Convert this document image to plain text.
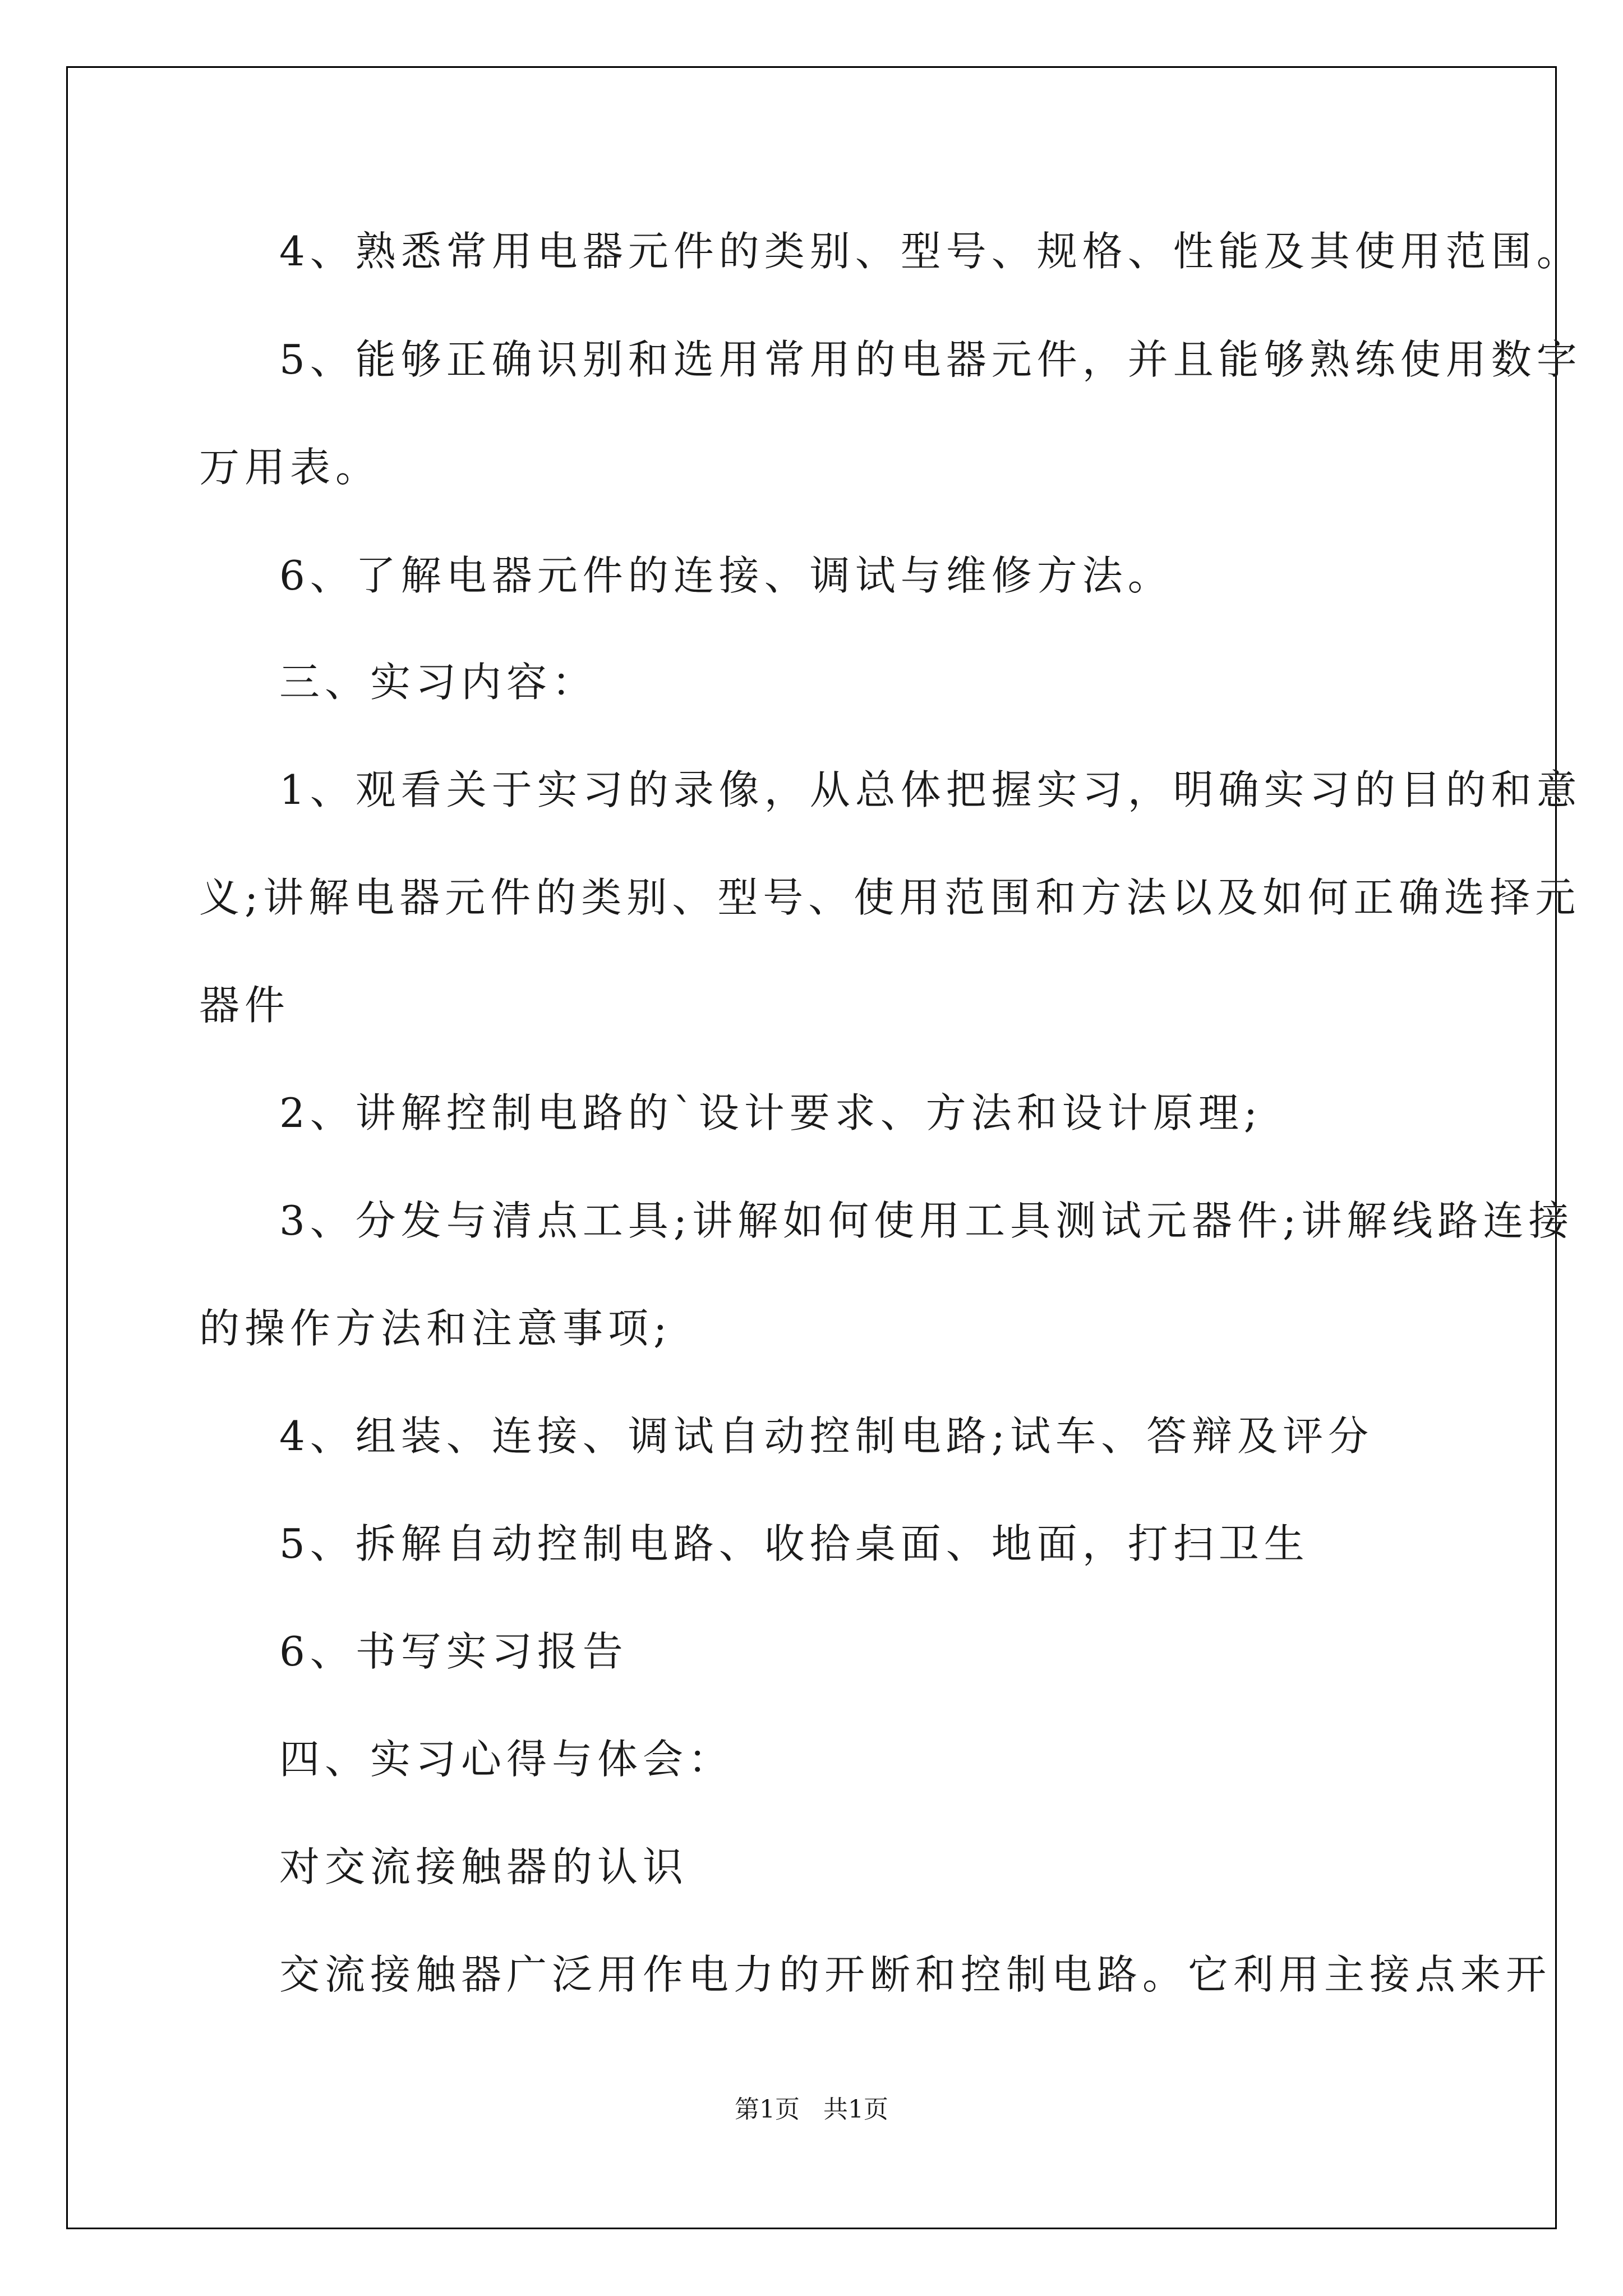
4、熟悉常用电器元件的类别、型号、规格、性能及其使用范围。
5、能够正确识别和选用常用的电器元件，并且能够熟练使用数字
万用表。
6、了解电器元件的连接、调试与维修方法。
三、实习内容：
1、观看关于实习的录像，从总体把握实习，明确实习的目的和意
义;讲解电器元件的类别、型号、使用范围和方法以及如何正确选择元
器件
2、讲解控制电路的`设计要求、方法和设计原理;
3、分发与清点工具;讲解如何使用工具测试元器件;讲解线路连接
的操作方法和注意事项;
4、组装、连接、调试自动控制电路;试车、答辩及评分
5、拆解自动控制电路、收拾桌面、地面，打扫卫生
6、书写实习报告
四、实习心得与体会：
对交流接触器的认识
交流接触器广泛用作电力的开断和控制电路。它利用主接点来开
第1页   共1页
